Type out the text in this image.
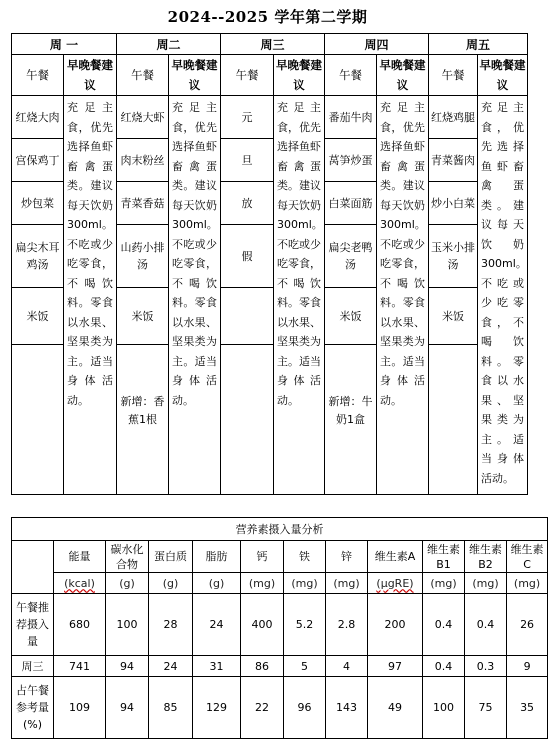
2024--2025 学年第二学期
周 一		周二		周三		周四		周五	
午餐	早晚餐建议	午餐	早晚餐建议	午餐	早晚餐建议	午餐	早晚餐建议	午餐	早晚餐建议
红烧大肉	充足主食，优先选择鱼虾畜禽蛋类。建议每天饮奶300ml。不吃或少吃零食，不喝饮料。零食以水果、坚果类为主。适当身体活动。	红烧大虾	充足主食，优先选择鱼虾畜禽蛋类。建议每天饮奶300ml。不吃或少吃零食，不喝饮料。零食以水果、坚果类为主。适当身体活动。	元	充足主食，优先选择鱼虾畜禽蛋类。建议每天饮奶300ml。不吃或少吃零食，不喝饮料。零食以水果、坚果类为主。适当身体活动。	番茄牛肉	充足主食，优先选择鱼虾畜禽蛋类。建议每天饮奶300ml。不吃或少吃零食，不喝饮料。零食以水果、坚果类为主。适当身体活动。	红烧鸡腿	充足主食，优先选择鱼虾畜禽蛋类。建议每天饮奶300ml。不吃或少吃零食，不喝饮料。零食以水果、坚果类为主。适当身体活动。
宫保鸡丁		肉末粉丝		旦		莴笋炒蛋		青菜酱肉	
炒包菜		青菜香菇		放		白菜面筋		炒小白菜	
扁尖木耳鸡汤		山药小排汤		假		扁尖老鸭汤		玉米小排汤	
米饭		米饭				米饭		米饭	
		新增：香蕉1根				新增：牛奶1盒			
营养素摄入量分析											
	能量	碳水化合物	蛋白质	脂肪	钙	铁	锌	维生素A	维生素B1	维生素B2	维生素C
	(kcal)	(g)	(g)	(g)	(mg)	(mg)	(mg)	(μgRE)	(mg)	(mg)	(mg)
午餐推荐摄入量	680	100	28	24	400	5.2	2.8	200	0.4	0.4	26
周三	741	94	24	31	86	5	4	97	0.4	0.3	9
占午餐参考量(%)	109	94	85	129	22	96	143	49	100	75	35
